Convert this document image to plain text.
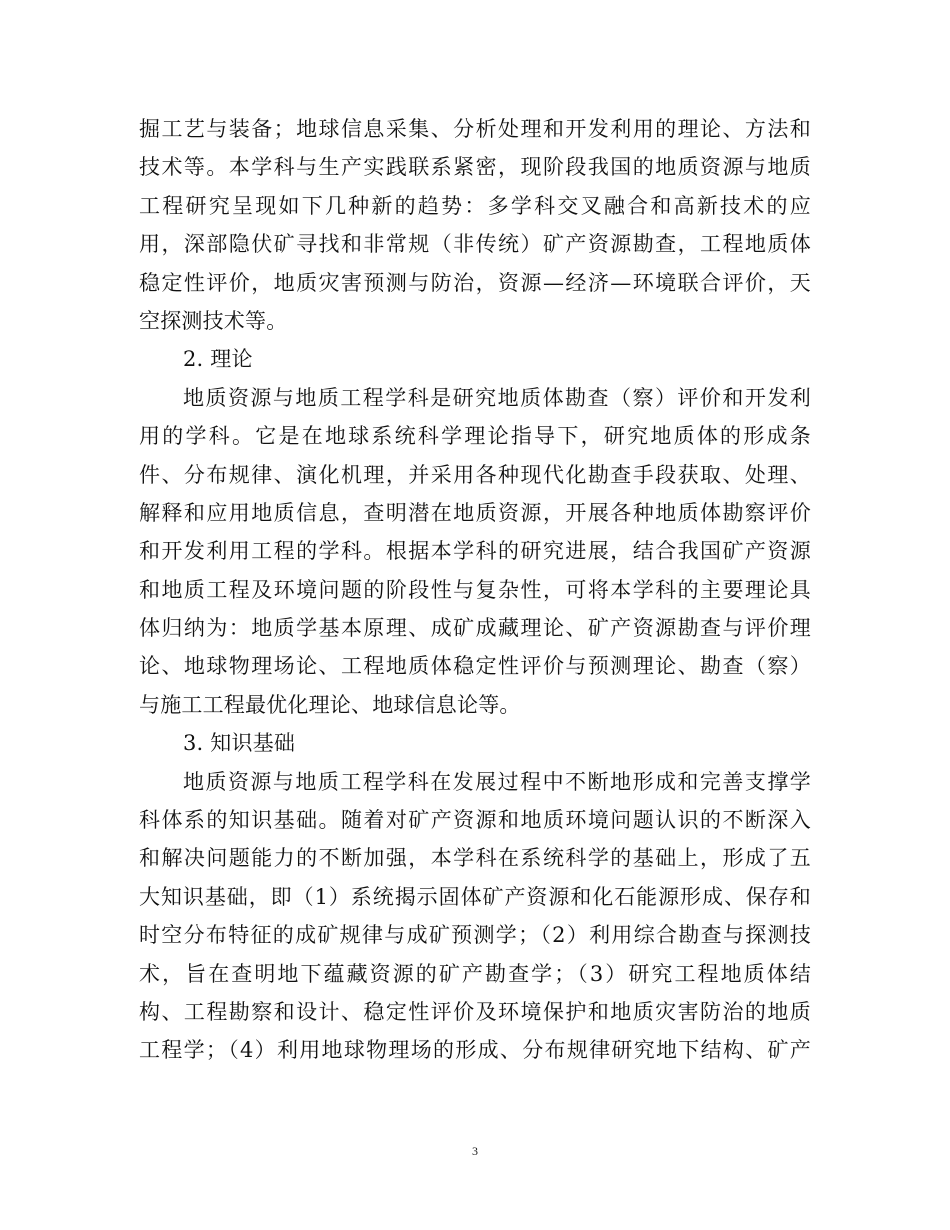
掘工艺与装备；地球信息采集、分析处理和开发利用的理论、方法和
技术等。本学科与生产实践联系紧密，现阶段我国的地质资源与地质
工程研究呈现如下几种新的趋势：多学科交叉融合和高新技术的应
用，深部隐伏矿寻找和非常规（非传统）矿产资源勘查，工程地质体
稳定性评价，地质灾害预测与防治，资源—经济—环境联合评价，天
空探测技术等。
2. 理论
地质资源与地质工程学科是研究地质体勘查（察）评价和开发利
用的学科。它是在地球系统科学理论指导下，研究地质体的形成条
件、分布规律、演化机理，并采用各种现代化勘查手段获取、处理、
解释和应用地质信息，查明潜在地质资源，开展各种地质体勘察评价
和开发利用工程的学科。根据本学科的研究进展，结合我国矿产资源
和地质工程及环境问题的阶段性与复杂性，可将本学科的主要理论具
体归纳为：地质学基本原理、成矿成藏理论、矿产资源勘查与评价理
论、地球物理场论、工程地质体稳定性评价与预测理论、勘查（察）
与施工工程最优化理论、地球信息论等。
3. 知识基础
地质资源与地质工程学科在发展过程中不断地形成和完善支撑学
科体系的知识基础。随着对矿产资源和地质环境问题认识的不断深入
和解决问题能力的不断加强，本学科在系统科学的基础上，形成了五
大知识基础，即（1）系统揭示固体矿产资源和化石能源形成、保存和
时空分布特征的成矿规律与成矿预测学；（2）利用综合勘查与探测技
术，旨在查明地下蕴藏资源的矿产勘查学；（3）研究工程地质体结
构、工程勘察和设计、稳定性评价及环境保护和地质灾害防治的地质
工程学；（4）利用地球物理场的形成、分布规律研究地下结构、矿产
3
